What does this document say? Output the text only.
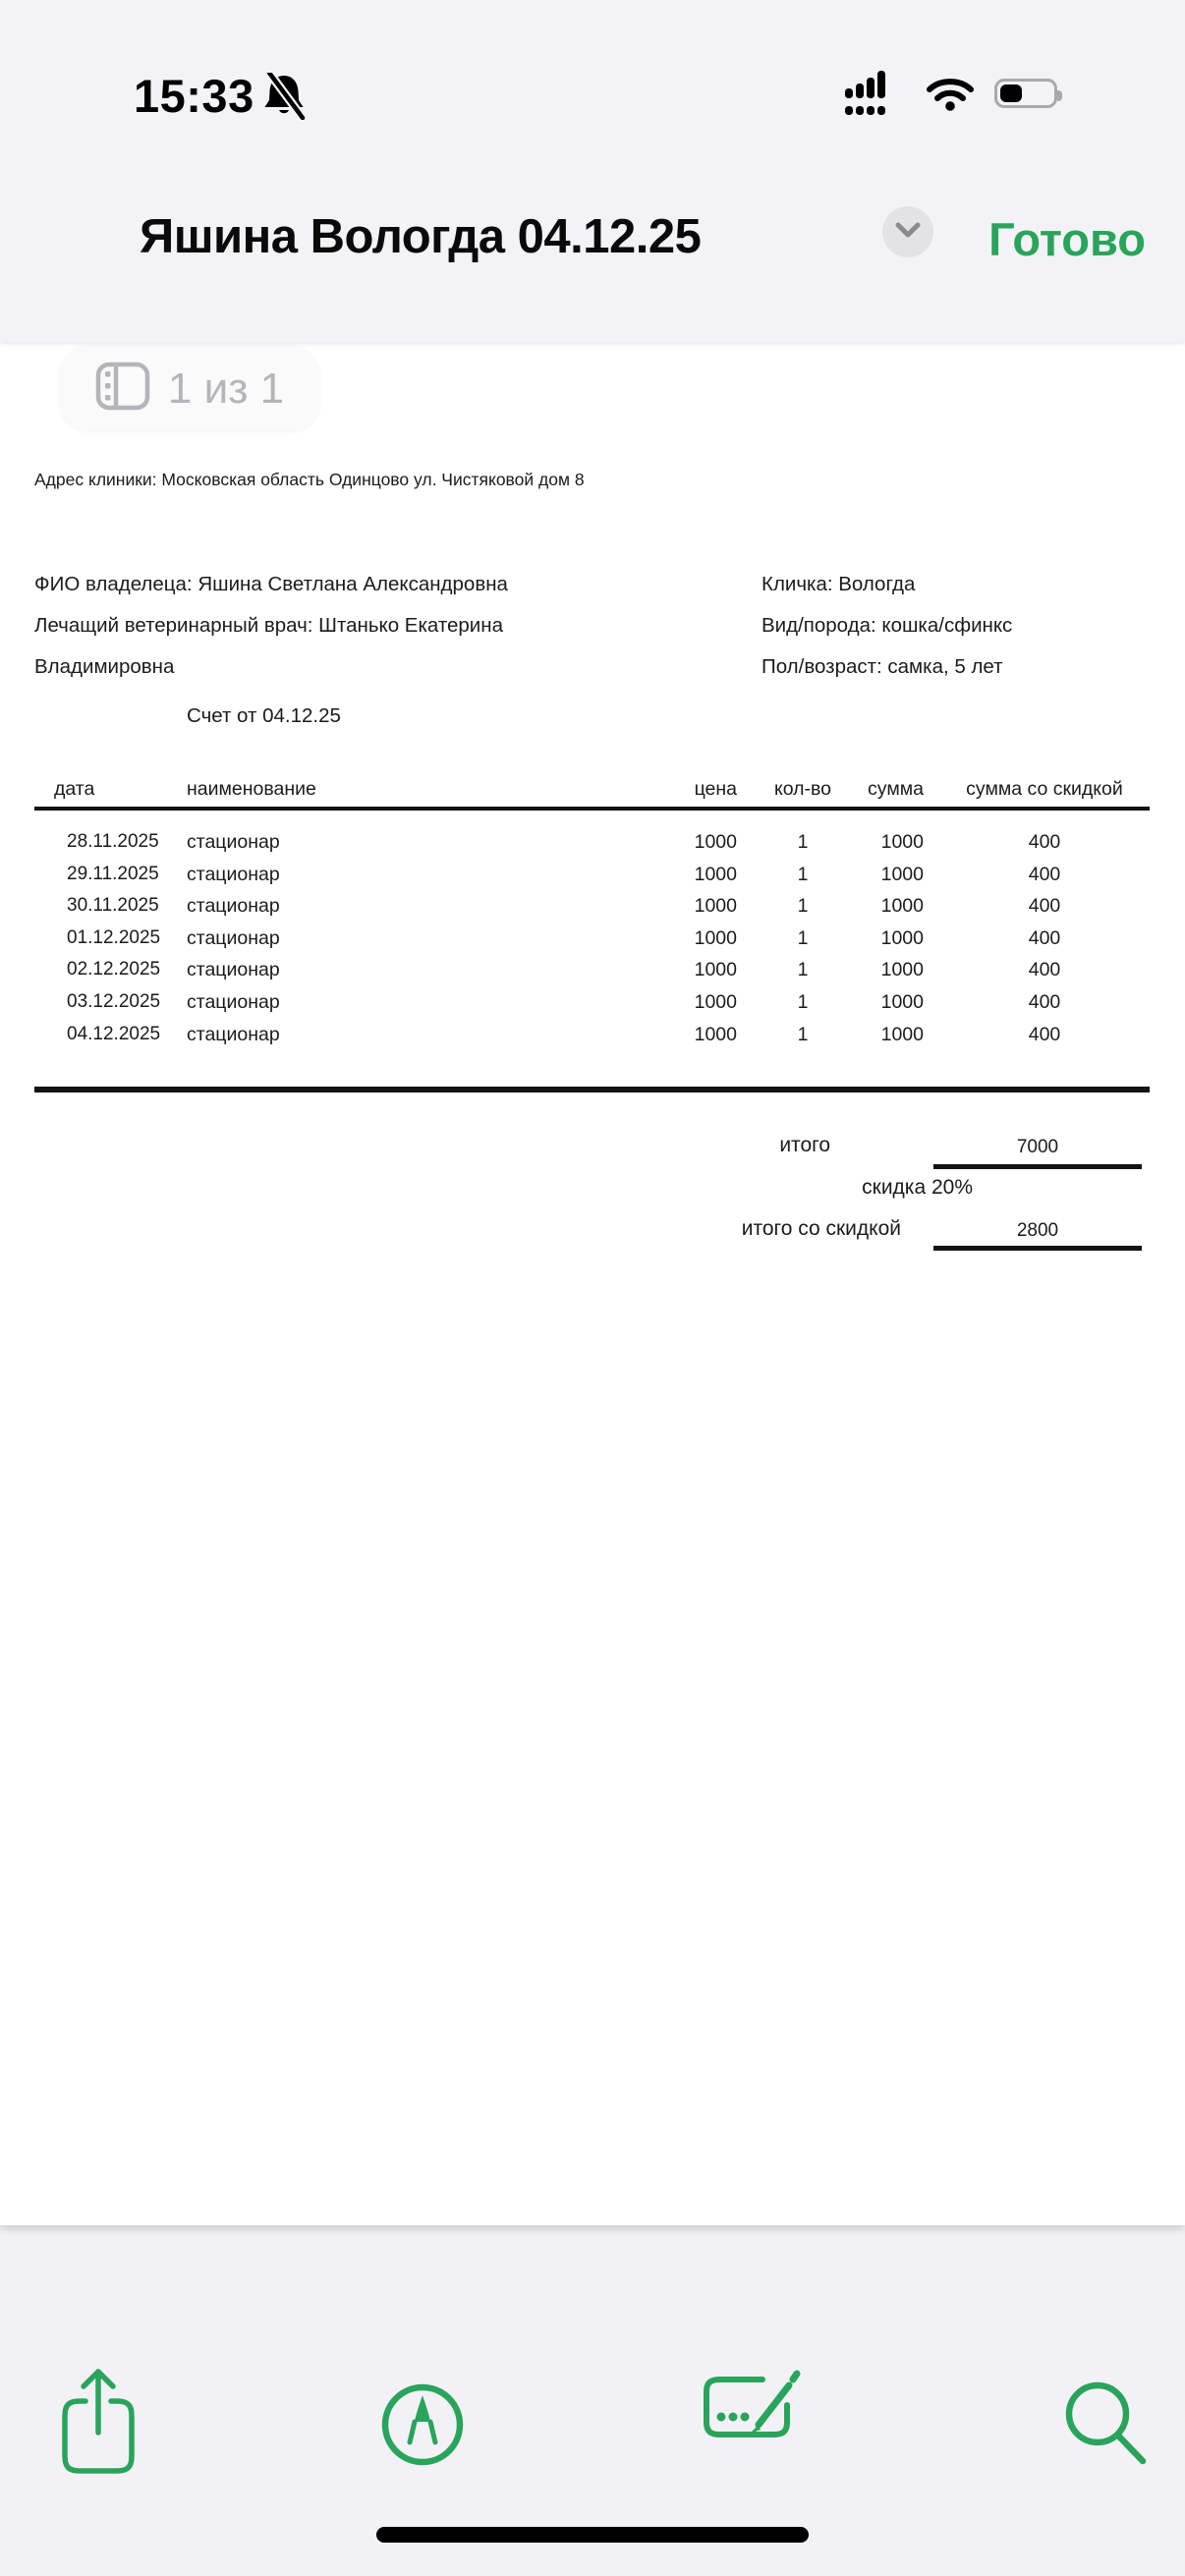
15:33
Яшина Вологда 04.12.25	Готово
1 из 1
Адрес клиники: Московская область Одинцово ул. Чистяковой дом 8
ФИО владелеца: Яшина Светлана Александровна
Лечащий ветеринарный врач: Штанько Екатерина Владимировна
Кличка: Вологда
Вид/порода: кошка/сфинкс
Пол/возраст: самка, 5 лет
Счет от 04.12.25
дата	наименование	цена	кол-во	сумма	сумма со скидкой
28.11.2025 стационар	1000	1	1000	400
29.11.2025 стационар	1000	1	1000	400
30.11.2025 стационар	1000	1	1000	400
01.12.2025 стационар	1000	1	1000	400
02.12.2025 стационар	1000	1	1000	400
03.12.2025 стационар	1000	1	1000	400
04.12.2025 стационар	1000	1	1000	400
итого	7000
скидка 20%
итого со скидкой	2800
